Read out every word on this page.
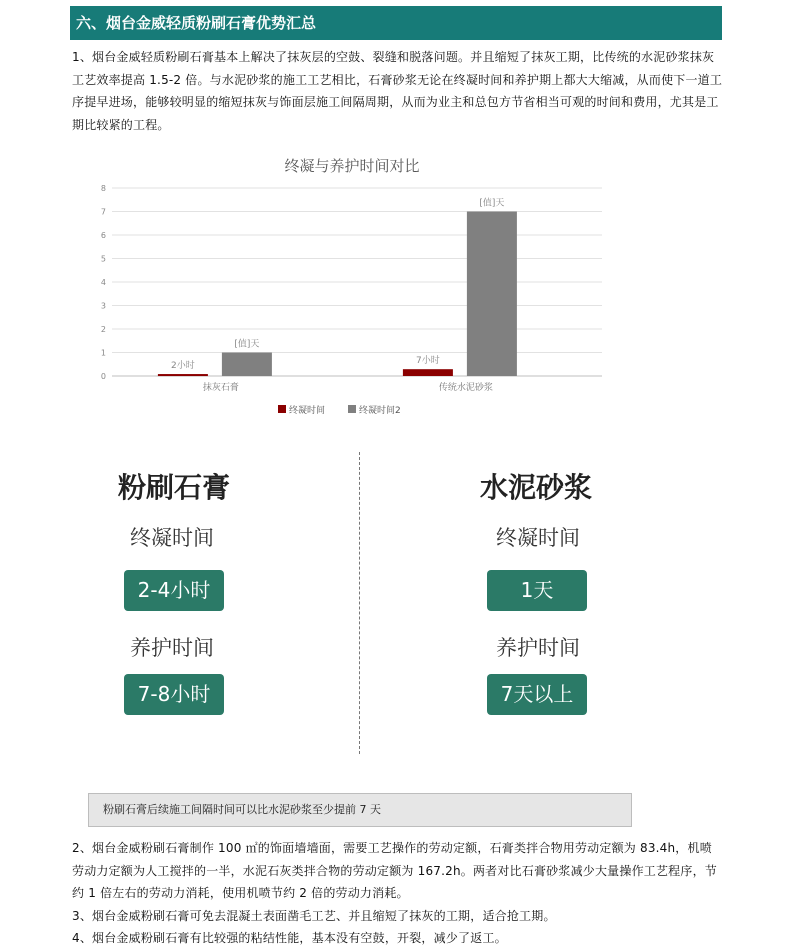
六、烟台金威轻质粉刷石膏优势汇总

1、烟台金威轻质粉刷石膏基本上解决了抹灰层的空鼓、裂缝和脱落问题。并且缩短了抹灰工期，比传统的水泥砂浆抹灰工艺效率提高 1.5-2 倍。与水泥砂浆的施工工艺相比，石膏砂浆无论在终凝时间和养护期上都大大缩减，从而使下一道工序提早进场，能够较明显的缩短抹灰与饰面层施工间隔周期，从而为业主和总包方节省相当可观的时间和费用，尤其是工期比较紧的工程。

终凝与养护时间对比
0
1
2
3
4
5
6
7
8
2小时
[值]天
抹灰石膏
7小时
[值]天
传统水泥砂浆
终凝时间	终凝时间2
粉刷石膏
终凝时间
2-4小时
养护时间
7-8小时
水泥砂浆
终凝时间
1天
养护时间
7天以上
粉刷石膏后续施工间隔时间可以比水泥砂浆至少提前 7 天
2、烟台金威粉刷石膏制作 100 ㎡的饰面墙墙面，需要工艺操作的劳动定额，石膏类拌合物用劳动定额为 83.4h，机喷劳动力定额为人工搅拌的一半，水泥石灰类拌合物的劳动定额为 167.2h。两者对比石膏砂浆减少大量操作工艺程序，节约 1 倍左右的劳动力消耗，使用机喷节约 2 倍的劳动力消耗。
3、烟台金威粉刷石膏可免去混凝土表面凿毛工艺、并且缩短了抹灰的工期，适合抢工期。
4、烟台金威粉刷石膏有比较强的粘结性能，基本没有空鼓，开裂，减少了返工。
